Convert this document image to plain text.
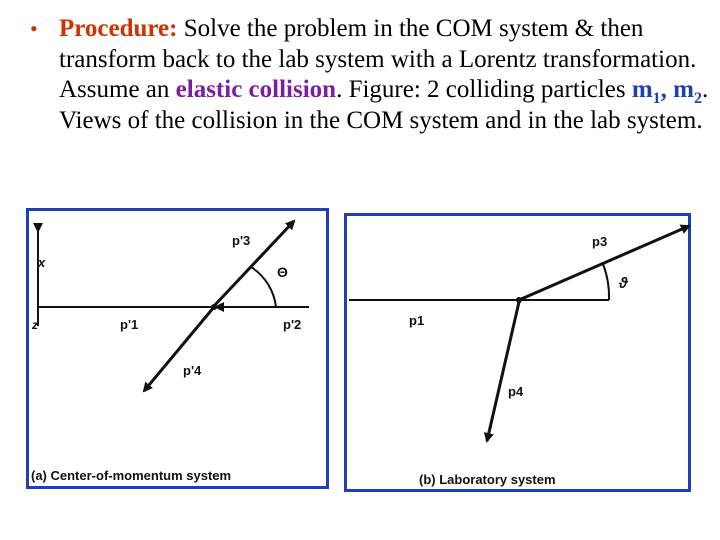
• Procedure: Solve the problem in the COM system & then transform back to the lab system with a Lorentz transformation. Assume an elastic collision. Figure: 2 colliding particles $m_1$, $m_2$. Views of the collision in the COM system and in the lab system.
x
z
p'3
p'1	p'2
p'4
Θ
(a) Center-of-momentum system
p3
p1
p4
ϑ
(b) Laboratory system
